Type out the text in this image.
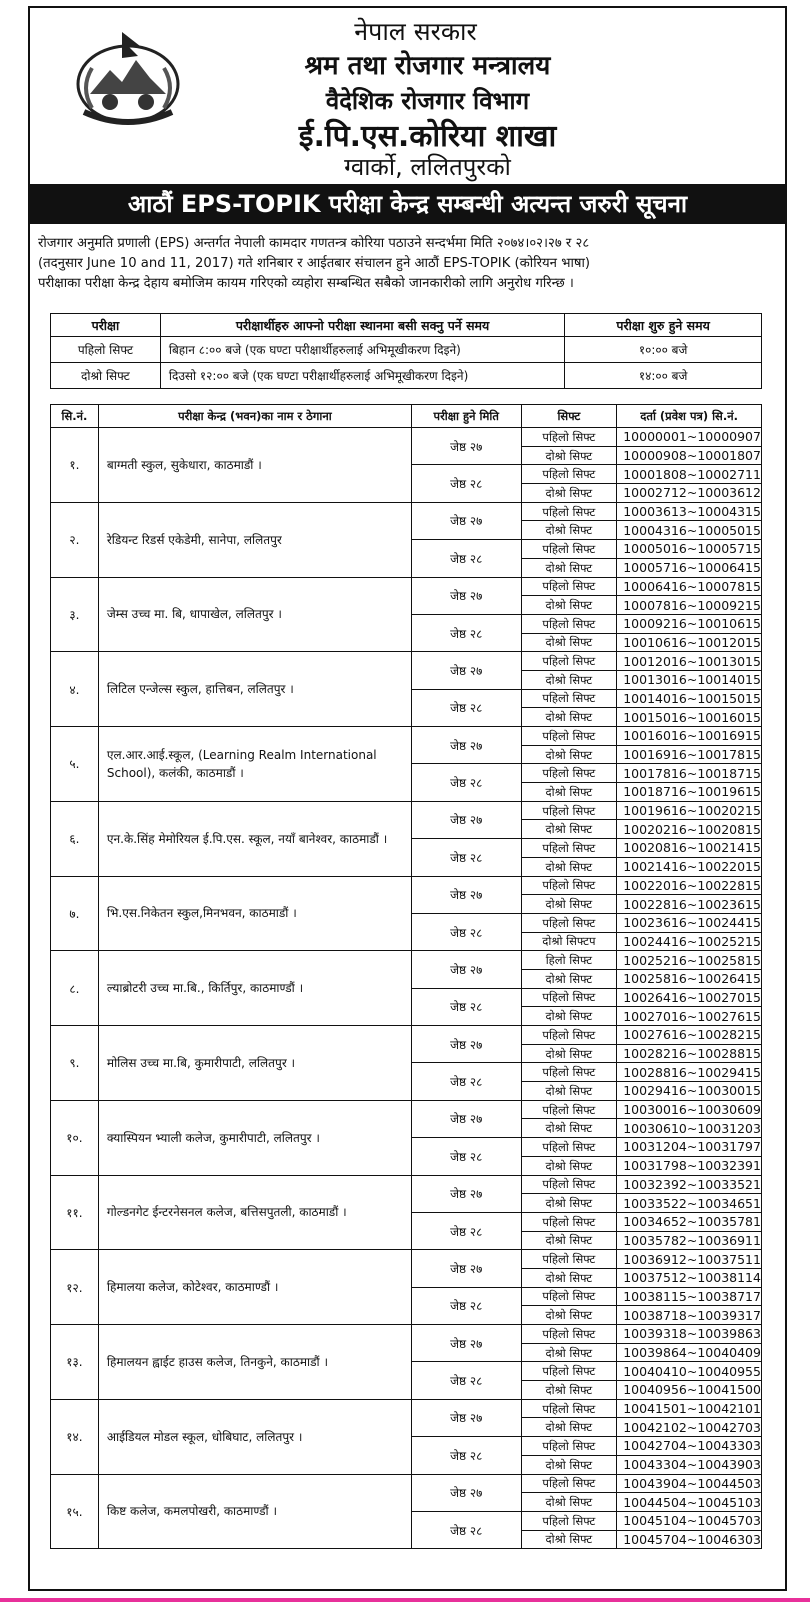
नेपाल सरकार
श्रम तथा रोजगार मन्त्रालय
वैदेशिक रोजगार विभाग
ई.पि.एस.कोरिया शाखा
ग्वार्को, ललितपुरको
आठौं EPS-TOPIK परीक्षा केन्द्र सम्बन्धी अत्यन्त जरुरी सूचना
रोजगार अनुमति प्रणाली (EPS) अन्तर्गत नेपाली कामदार गणतन्त्र कोरिया पठाउने सन्दर्भमा मिति २०७४।०२।२७ र २८
(तदनुसार June 10 and 11, 2017) गते शनिबार र आईतबार संचालन हुने आठौं EPS-TOPIK (कोरियन भाषा)
परीक्षाका परीक्षा केन्द्र देहाय बमोजिम कायम गरिएको व्यहोरा सम्बन्धित सबैको जानकारीको लागि अनुरोध गरिन्छ ।
परीक्षा	परीक्षार्थीहरु आफ्नो परीक्षा स्थानमा बसी सक्नु पर्ने समय	परीक्षा शुरु हुने समय
पहिलो सिफ्ट	बिहान ८:०० बजे (एक घण्टा परीक्षार्थीहरुलाई अभिमूखीकरण दिइने)	१०:०० बजे
दोश्रो सिफ्ट	दिउसो १२:०० बजे (एक घण्टा परीक्षार्थीहरुलाई अभिमूखीकरण दिइने)	१४:०० बजे
सि.नं.	परीक्षा केन्द्र (भवन)का नाम र ठेगाना	परीक्षा हुने मिति	सिफ्ट	दर्ता (प्रवेश पत्र) सि.नं.
१.	बाग्मती स्कुल, सुकेधारा, काठमाडौं ।	जेष्ठ २७	पहिलो सिफ्ट	10000001~10000907
			दोश्रो सिफ्ट	10000908~10001807
		जेष्ठ २८	पहिलो सिफ्ट	10001808~10002711
			दोश्रो सिफ्ट	10002712~10003612
२.	रेडियन्ट रिडर्स एकेडेमी, सानेपा, ललितपुर	जेष्ठ २७	पहिलो सिफ्ट	10003613~10004315
			दोश्रो सिफ्ट	10004316~10005015
		जेष्ठ २८	पहिलो सिफ्ट	10005016~10005715
			दोश्रो सिफ्ट	10005716~10006415
३.	जेम्स उच्च मा. बि, धापाखेल, ललितपुर ।	जेष्ठ २७	पहिलो सिफ्ट	10006416~10007815
			दोश्रो सिफ्ट	10007816~10009215
		जेष्ठ २८	पहिलो सिफ्ट	10009216~10010615
			दोश्रो सिफ्ट	10010616~10012015
४.	लिटिल एन्जेल्स स्कुल, हात्तिबन, ललितपुर ।	जेष्ठ २७	पहिलो सिफ्ट	10012016~10013015
			दोश्रो सिफ्ट	10013016~10014015
		जेष्ठ २८	पहिलो सिफ्ट	10014016~10015015
			दोश्रो सिफ्ट	10015016~10016015
५.	एल.आर.आई.स्कूल, (Learning Realm International School), कलंकी, काठमाडौं ।	जेष्ठ २७	पहिलो सिफ्ट	10016016~10016915
			दोश्रो सिफ्ट	10016916~10017815
		जेष्ठ २८	पहिलो सिफ्ट	10017816~10018715
			दोश्रो सिफ्ट	10018716~10019615
६.	एन.के.सिंह मेमोरियल ई.पि.एस. स्कूल, नयाँ बानेश्वर, काठमाडौं ।	जेष्ठ २७	पहिलो सिफ्ट	10019616~10020215
			दोश्रो सिफ्ट	10020216~10020815
		जेष्ठ २८	पहिलो सिफ्ट	10020816~10021415
			दोश्रो सिफ्ट	10021416~10022015
७.	भि.एस.निकेतन स्कुल,मिनभवन, काठमाडौं ।	जेष्ठ २७	पहिलो सिफ्ट	10022016~10022815
			दोश्रो सिफ्ट	10022816~10023615
		जेष्ठ २८	पहिलो सिफ्ट	10023616~10024415
			दोश्रो सिफ्टप	10024416~10025215
८.	ल्याब्रोटरी उच्च मा.बि., किर्तिपुर, काठमाण्डौं ।	जेष्ठ २७	हिलो सिफ्ट	10025216~10025815
			दोश्रो सिफ्ट	10025816~10026415
		जेष्ठ २८	पहिलो सिफ्ट	10026416~10027015
			दोश्रो सिफ्ट	10027016~10027615
९.	मोलिस उच्च मा.बि, कुमारीपाटी, ललितपुर ।	जेष्ठ २७	पहिलो सिफ्ट	10027616~10028215
			दोश्रो सिफ्ट	10028216~10028815
		जेष्ठ २८	पहिलो सिफ्ट	10028816~10029415
			दोश्रो सिफ्ट	10029416~10030015
१०.	क्यास्पियन भ्याली कलेज, कुमारीपाटी, ललितपुर ।	जेष्ठ २७	पहिलो सिफ्ट	10030016~10030609
			दोश्रो सिफ्ट	10030610~10031203
		जेष्ठ २८	पहिलो सिफ्ट	10031204~10031797
			दोश्रो सिफ्ट	10031798~10032391
११.	गोल्डनगेट ईन्टरनेसनल कलेज, बत्तिसपुतली, काठमाडौं ।	जेष्ठ २७	पहिलो सिफ्ट	10032392~10033521
			दोश्रो सिफ्ट	10033522~10034651
		जेष्ठ २८	पहिलो सिफ्ट	10034652~10035781
			दोश्रो सिफ्ट	10035782~10036911
१२.	हिमालया कलेज, कोटेश्वर, काठमाण्डौं ।	जेष्ठ २७	पहिलो सिफ्ट	10036912~10037511
			दोश्रो सिफ्ट	10037512~10038114
		जेष्ठ २८	पहिलो सिफ्ट	10038115~10038717
			दोश्रो सिफ्ट	10038718~10039317
१३.	हिमालयन ह्वाईट हाउस कलेज, तिनकुने, काठमाडौं ।	जेष्ठ २७	पहिलो सिफ्ट	10039318~10039863
			दोश्रो सिफ्ट	10039864~10040409
		जेष्ठ २८	पहिलो सिफ्ट	10040410~10040955
			दोश्रो सिफ्ट	10040956~10041500
१४.	आईडियल मोडल स्कूल, धोबिघाट, ललितपुर ।	जेष्ठ २७	पहिलो सिफ्ट	10041501~10042101
			दोश्रो सिफ्ट	10042102~10042703
		जेष्ठ २८	पहिलो सिफ्ट	10042704~10043303
			दोश्रो सिफ्ट	10043304~10043903
१५.	किष्ट कलेज, कमलपोखरी, काठमाण्डौं ।	जेष्ठ २७	पहिलो सिफ्ट	10043904~10044503
			दोश्रो सिफ्ट	10044504~10045103
		जेष्ठ २८	पहिलो सिफ्ट	10045104~10045703
			दोश्रो सिफ्ट	10045704~10046303
